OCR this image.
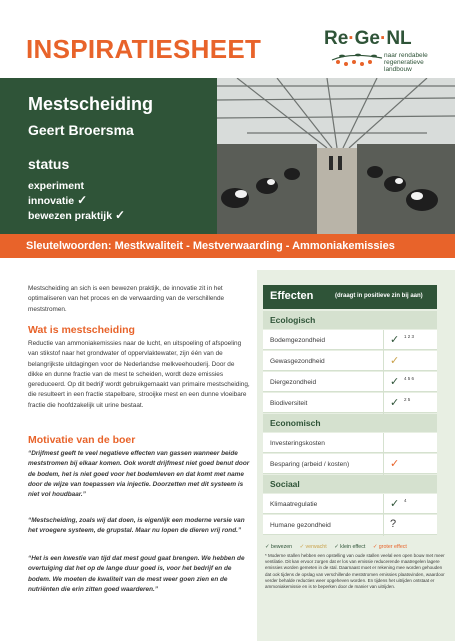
INSPIRATIESHEET	Re·Ge·NL
naar rendabele regeneratieve landbouw
Mestscheiding
Geert Broersma
status
experiment
innovatie ✓
bewezen praktijk ✓
Sleutelwoorden: Mestkwaliteit - Mestverwaarding - Ammoniakemissies
Mestscheiding an sich is een bewezen praktijk, de innovatie zit in het optimaliseren van het proces en de verwaarding van de verschillende meststromen.
Wat is mestscheiding
Reductie van ammoniakemissies naar de lucht, en uitspoeling of afspoeling van stikstof naar het grondwater of oppervlaktewater, zijn één van de belangrijkste uitdagingen voor de Nederlandse melkveehouderij. Door de dikke en dunne fractie van de mest te scheiden, wordt deze emissies gereduceerd. Op dit bedrijf wordt gebruikgemaakt van primaire mestscheiding, die resulteert in een fractie stapelbare, strooijke mest en een dunne vloeibare fractie die hoofdzakelijk uit urine bestaat.
Motivatie van de boer
“Drijfmest geeft te veel negatieve effecten van gassen wanneer beide meststromen bij elkaar komen. Ook wordt drijfmest niet goed benut door de bodem, het is niet goed voor het bodemleven en dat komt met name door de wijze van toepassen via injectie. Doorzetten met dit systeem is niet vol houdbaar.”
“Mestscheiding, zoals wij dat doen, is eigenlijk een moderne versie van het vroegere systeem, de grupstal. Maar nu lopen de dieren vrij rond.”
“Het is een kwestie van tijd dat mest goud gaat brengen. We hebben de overtuiging dat het op de lange duur goed is, voor het bedrijf en de bodem. We moeten de kwaliteit van de mest weer goen zien en de nutriënten die erin zitten goed waarderen.”
Effecten	(draagt in positieve zin bij aan)
Ecologisch
Bodemgezondheid	✓ 1 2 3
Gewasgezondheid	✓
Diergezondheid	✓ 4 5 6
Biodiversiteit	✓ 2 5
Economisch
Investeringskosten
Besparing (arbeid / kosten)	✓
Sociaal
Klimaatregulatie	✓ 4
Humane gezondheid	?
✓ bewezen ✓ verwacht ✓ klein effect ✓ groter effect
* Moderne stallen hebben een opstelling van oude stallen veelal een open bouw met meer ventilatie. Dit kan ervoor zorgen dat er los van emissie reducerende maatregelen lagere emissies worden gemeten in de stal. Daarnaast moet er rekening mee worden gehouden dat ook tijdens de opslag van verschillende meststromen emissies plaatsvinden, waardoor verder behalde reducties weer opgeheven worden. En tijdens het uitrijden ontstaat er ammoniakemissie en is te beperken door de manier van uitrijden.
